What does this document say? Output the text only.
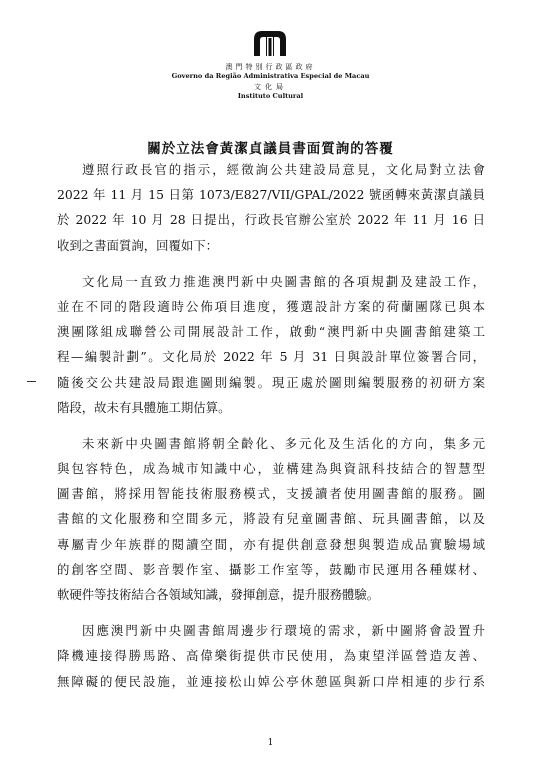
澳門特別行政區政府
Governo da Região Administrativa Especial de Macau
文化局
Instituto Cultural
關於立法會黃潔貞議員書面質詢的答覆
遵照行政長官的指示，經徵詢公共建設局意見，文化局對立法會
2022 年 11 月 15 日第 1073/E827/VII/GPAL/2022 號函轉來黃潔貞議員
於 2022 年 10 月 28 日提出，行政長官辦公室於 2022 年 11 月 16 日
收到之書面質詢，回覆如下：
文化局一直致力推進澳門新中央圖書館的各項規劃及建設工作，
並在不同的階段適時公佈項目進度，獲選設計方案的荷蘭團隊已與本
澳團隊組成聯營公司開展設計工作，啟動“澳門新中央圖書館建築工
程—編製計劃”。文化局於 2022 年 5 月 31 日與設計單位簽署合同，
隨後交公共建設局跟進圖則編製。現正處於圖則編製服務的初研方案
階段，故未有具體施工期估算。
未來新中央圖書館將朝全齡化、多元化及生活化的方向，集多元
與包容特色，成為城市知識中心，並構建為與資訊科技結合的智慧型
圖書館，將採用智能技術服務模式，支援讀者使用圖書館的服務。圖
書館的文化服務和空間多元，將設有兒童圖書館、玩具圖書館，以及
專屬青少年族群的閱讀空間，亦有提供創意發想與製造成品實驗場域
的創客空間、影音製作室、攝影工作室等，鼓勵市民運用各種媒材、
軟硬件等技術結合各領域知識，發揮創意，提升服務體驗。
因應澳門新中央圖書館周邊步行環境的需求，新中圖將會設置升
降機連接得勝馬路、高偉樂街提供市民使用，為東望洋區營造友善、
無障礙的便民設施，並連接松山婥公亭休憩區與新口岸相連的步行系
1
